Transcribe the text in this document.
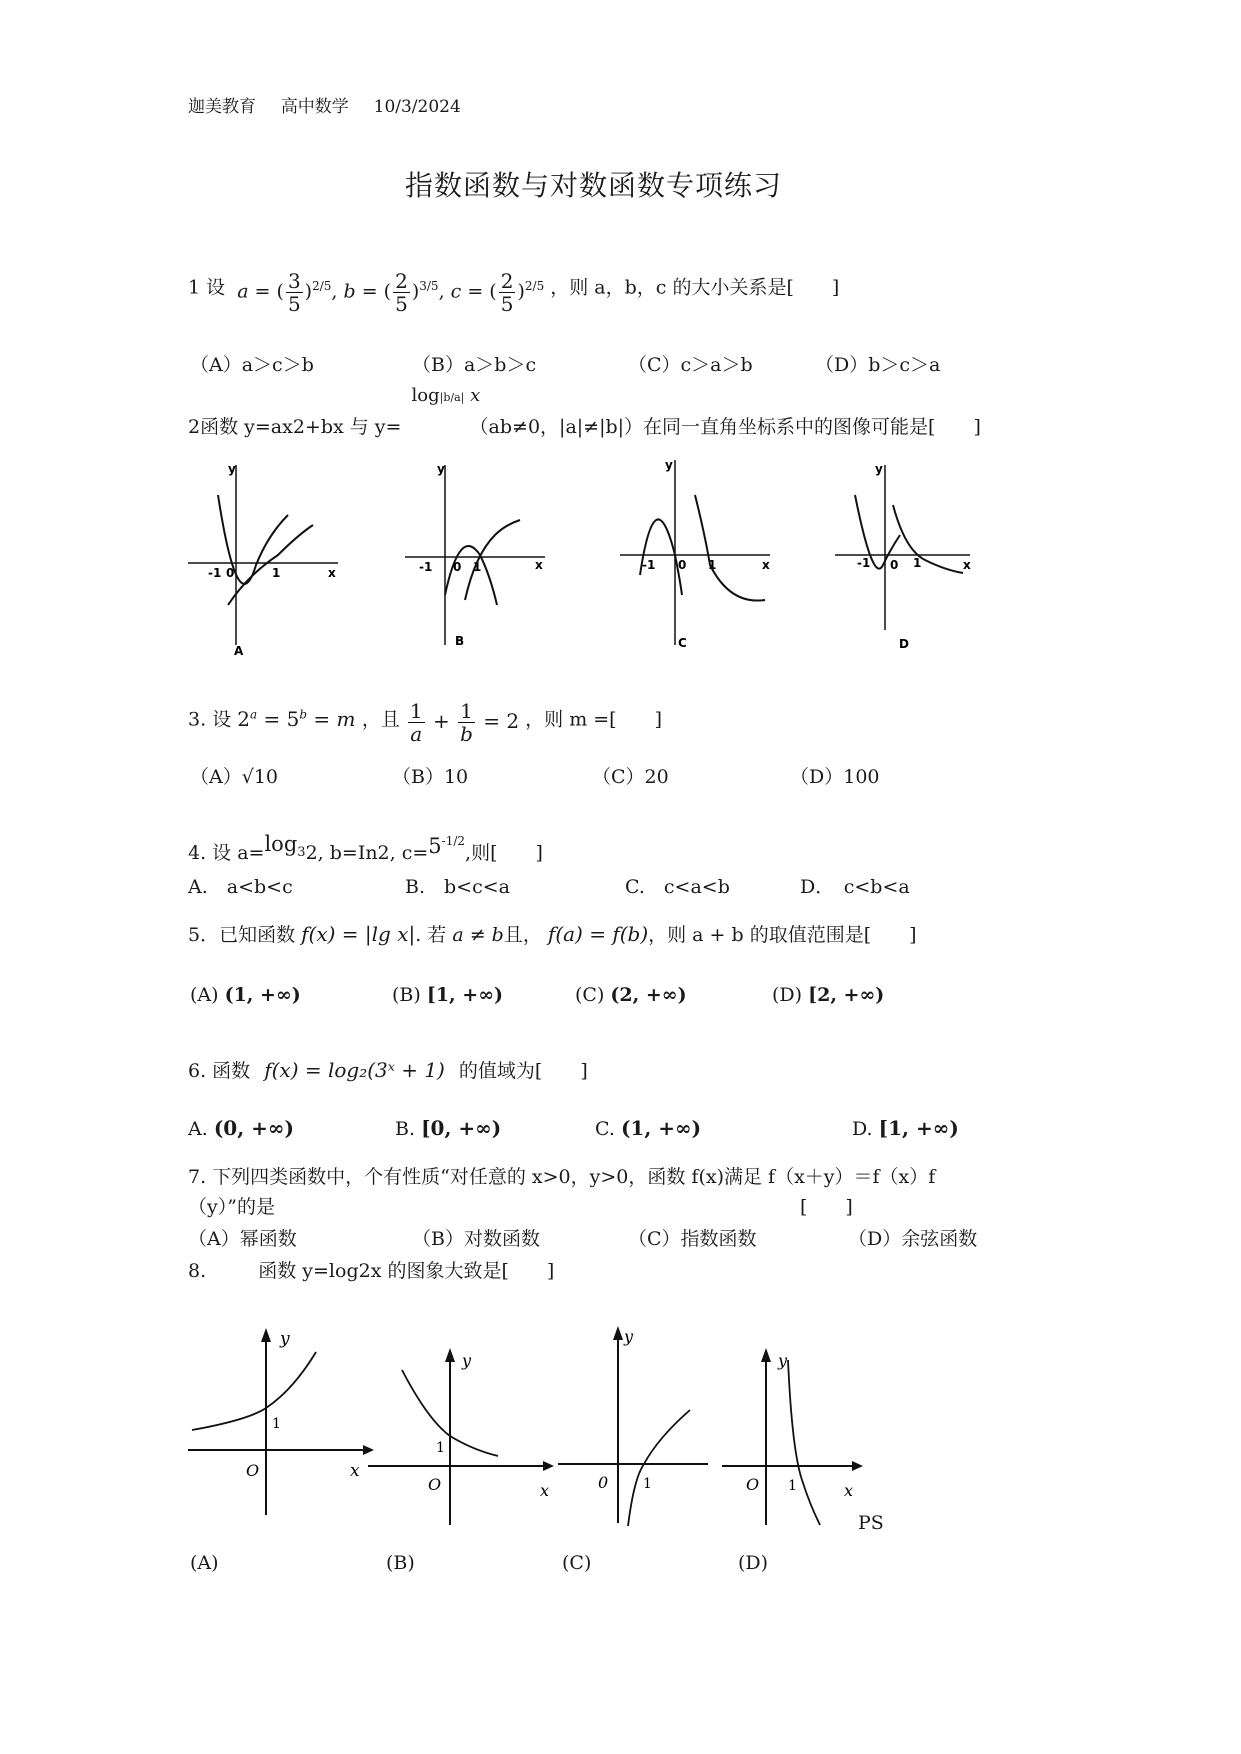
迦美教育 高中数学 10/3/2024
指数函数与对数函数专项练习
1 设 a = ( $\frac{3}{5} )^{2/5}$, b = ( $\frac{2}{5} )^{3/5}$, c = ( $\frac{2}{5} )^{2/5}$ ，则 a，b，c 的大小关系是[　　]
（A）a＞c＞b	（B）a＞b＞c	（C）c＞a＞b	（D）b＞c＞a
2函数 y=ax2+bx 与 y=
log|b/a| x
（ab≠0，|a|≠|b|）在同一直角坐标系中的图像可能是[　　]
y
x
-1 0	1
A
y
x
-1 0 1
B
y
x
-1 0 1
C
y
x
-1 0 1
D
3. 设 $2^a = 5^b = m$ ，且 $\frac{1}{a} + \frac{1}{b} = 2$ ，则 m =[　　]
（A）√10	（B）10	（C）20	（D）100
4. 设 $a=\log_32$, b=In2, $c=5^{-1/2}$,则[　　]
A.　a<b<c	B.　b<c<a	C.　c<a<b	D．　c<b<a
5．已知函数 f(x) = |lg x|. 若 a ≠ b且， f(a) = f(b)，则 a + b 的取值范围是[　　]
(A) (1, +∞)	(B) [1, +∞)	(C) (2, +∞)	(D) [2, +∞)
6. 函数 f(x) = log₂(3ˣ + 1) 的值域为[　　]
A. (0, +∞)	B. [0, +∞)	C. (1, +∞)	D. [1, +∞)
7. 下列四类函数中，个有性质“对任意的 x>0，y>0，函数 f(x)满足 f（x＋y）＝f（x）f
（y）”的是	[　　]
（A）幂函数	（B）对数函数	（C）指数函数	（D）余弦函数
8.	函数 y=log2x 的图象大致是[　　]
y
x
O
1
y
x
O
1
y
0 1
y
x
O 1
PS
(A)	(B)	(C)	(D)
